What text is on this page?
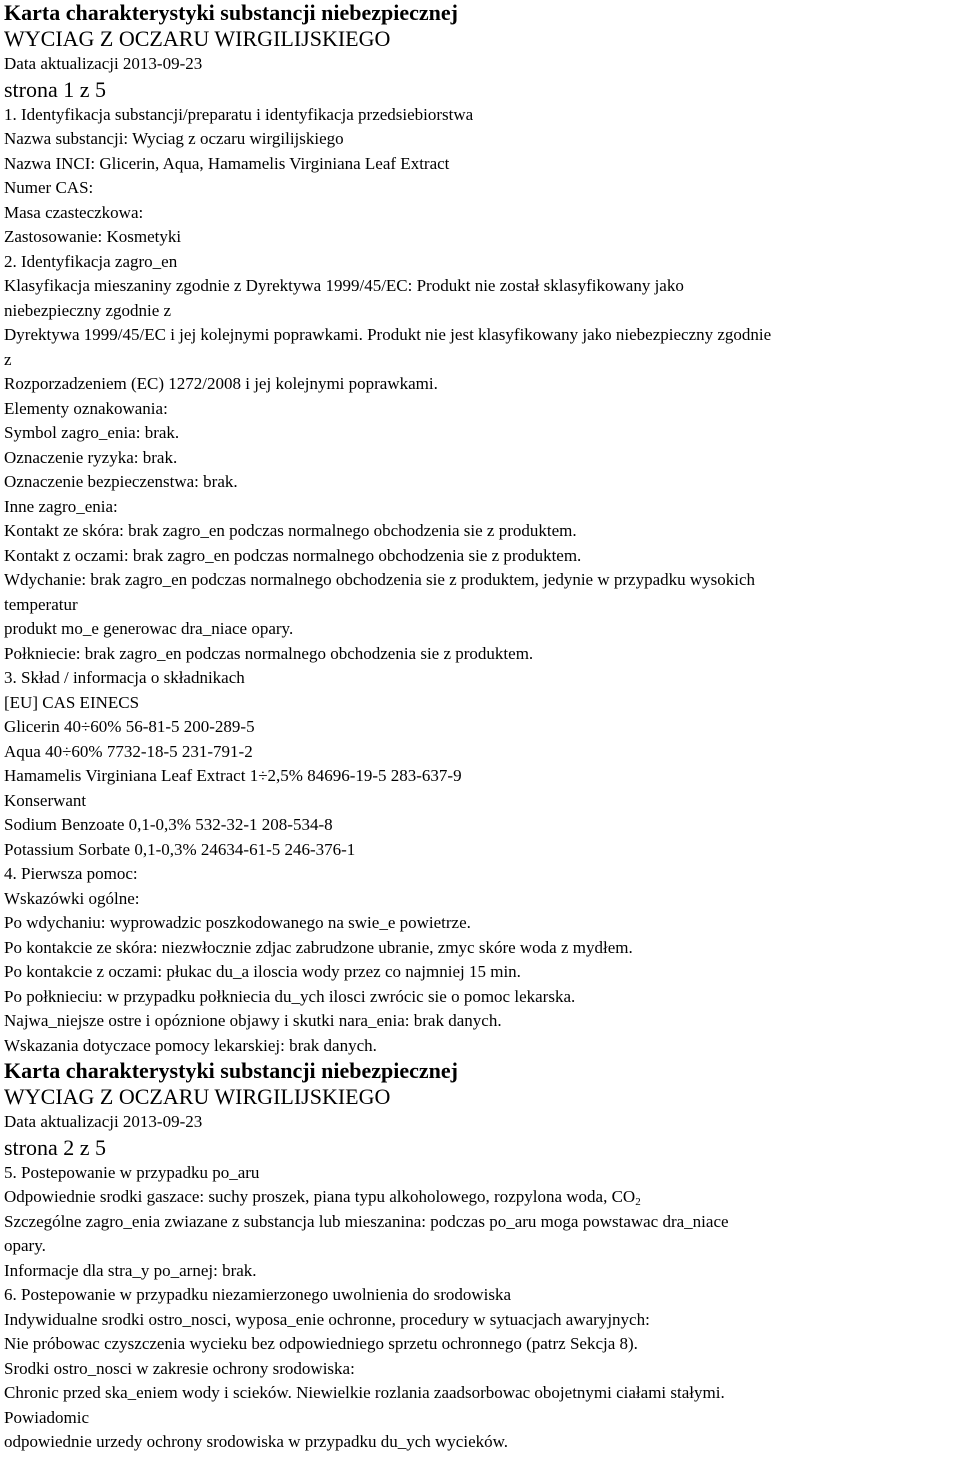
Karta charakterystyki substancji niebezpiecznej
WYCIAG Z OCZARU WIRGILIJSKIEGO
Data aktualizacji 2013-09-23
strona 1 z 5
1. Identyfikacja substancji/preparatu i identyfikacja przedsiebiorstwa
Nazwa substancji: Wyciag z oczaru wirgilijskiego
Nazwa INCI: Glicerin, Aqua, Hamamelis Virginiana Leaf Extract
Numer CAS:
Masa czasteczkowa:
Zastosowanie: Kosmetyki
2. Identyfikacja zagro_en
Klasyfikacja mieszaniny zgodnie z Dyrektywa 1999/45/EC: Produkt nie został sklasyfikowany jako
niebezpieczny zgodnie z
Dyrektywa 1999/45/EC i jej kolejnymi poprawkami. Produkt nie jest klasyfikowany jako niebezpieczny zgodnie
z
Rozporzadzeniem (EC) 1272/2008 i jej kolejnymi poprawkami.
Elementy oznakowania:
Symbol zagro_enia: brak.
Oznaczenie ryzyka: brak.
Oznaczenie bezpieczenstwa: brak.
Inne zagro_enia:
Kontakt ze skóra: brak zagro_en podczas normalnego obchodzenia sie z produktem.
Kontakt z oczami: brak zagro_en podczas normalnego obchodzenia sie z produktem.
Wdychanie: brak zagro_en podczas normalnego obchodzenia sie z produktem, jedynie w przypadku wysokich
temperatur
produkt mo_e generowac dra_niace opary.
Połkniecie: brak zagro_en podczas normalnego obchodzenia sie z produktem.
3. Skład / informacja o składnikach
[EU] CAS EINECS
Glicerin 40÷60% 56-81-5 200-289-5
Aqua 40÷60% 7732-18-5 231-791-2
Hamamelis Virginiana Leaf Extract 1÷2,5% 84696-19-5 283-637-9
Konserwant
Sodium Benzoate 0,1-0,3% 532-32-1 208-534-8
Potassium Sorbate 0,1-0,3% 24634-61-5 246-376-1
4. Pierwsza pomoc:
Wskazówki ogólne:
Po wdychaniu: wyprowadzic poszkodowanego na swie_e powietrze.
Po kontakcie ze skóra: niezwłocznie zdjac zabrudzone ubranie, zmyc skóre woda z mydłem.
Po kontakcie z oczami: płukac du_a iloscia wody przez co najmniej 15 min.
Po połknieciu: w przypadku połkniecia du_ych ilosci zwrócic sie o pomoc lekarska.
Najwa_niejsze ostre i opóznione objawy i skutki nara_enia: brak danych.
Wskazania dotyczace pomocy lekarskiej: brak danych.
Karta charakterystyki substancji niebezpiecznej
WYCIAG Z OCZARU WIRGILIJSKIEGO
Data aktualizacji 2013-09-23
strona 2 z 5
5. Postepowanie w przypadku po_aru
Odpowiednie srodki gaszace: suchy proszek, piana typu alkoholowego, rozpylona woda, $CO_2$
Szczególne zagro_enia zwiazane z substancja lub mieszanina: podczas po_aru moga powstawac dra_niace
opary.
Informacje dla stra_y po_arnej: brak.
6. Postepowanie w przypadku niezamierzonego uwolnienia do srodowiska
Indywidualne srodki ostro_nosci, wyposa_enie ochronne, procedury w sytuacjach awaryjnych:
Nie próbowac czyszczenia wycieku bez odpowiedniego sprzetu ochronnego (patrz Sekcja 8).
Srodki ostro_nosci w zakresie ochrony srodowiska:
Chronic przed ska_eniem wody i scieków. Niewielkie rozlania zaadsorbowac obojetnymi ciałami stałymi.
Powiadomic
odpowiednie urzedy ochrony srodowiska w przypadku du_ych wycieków.
